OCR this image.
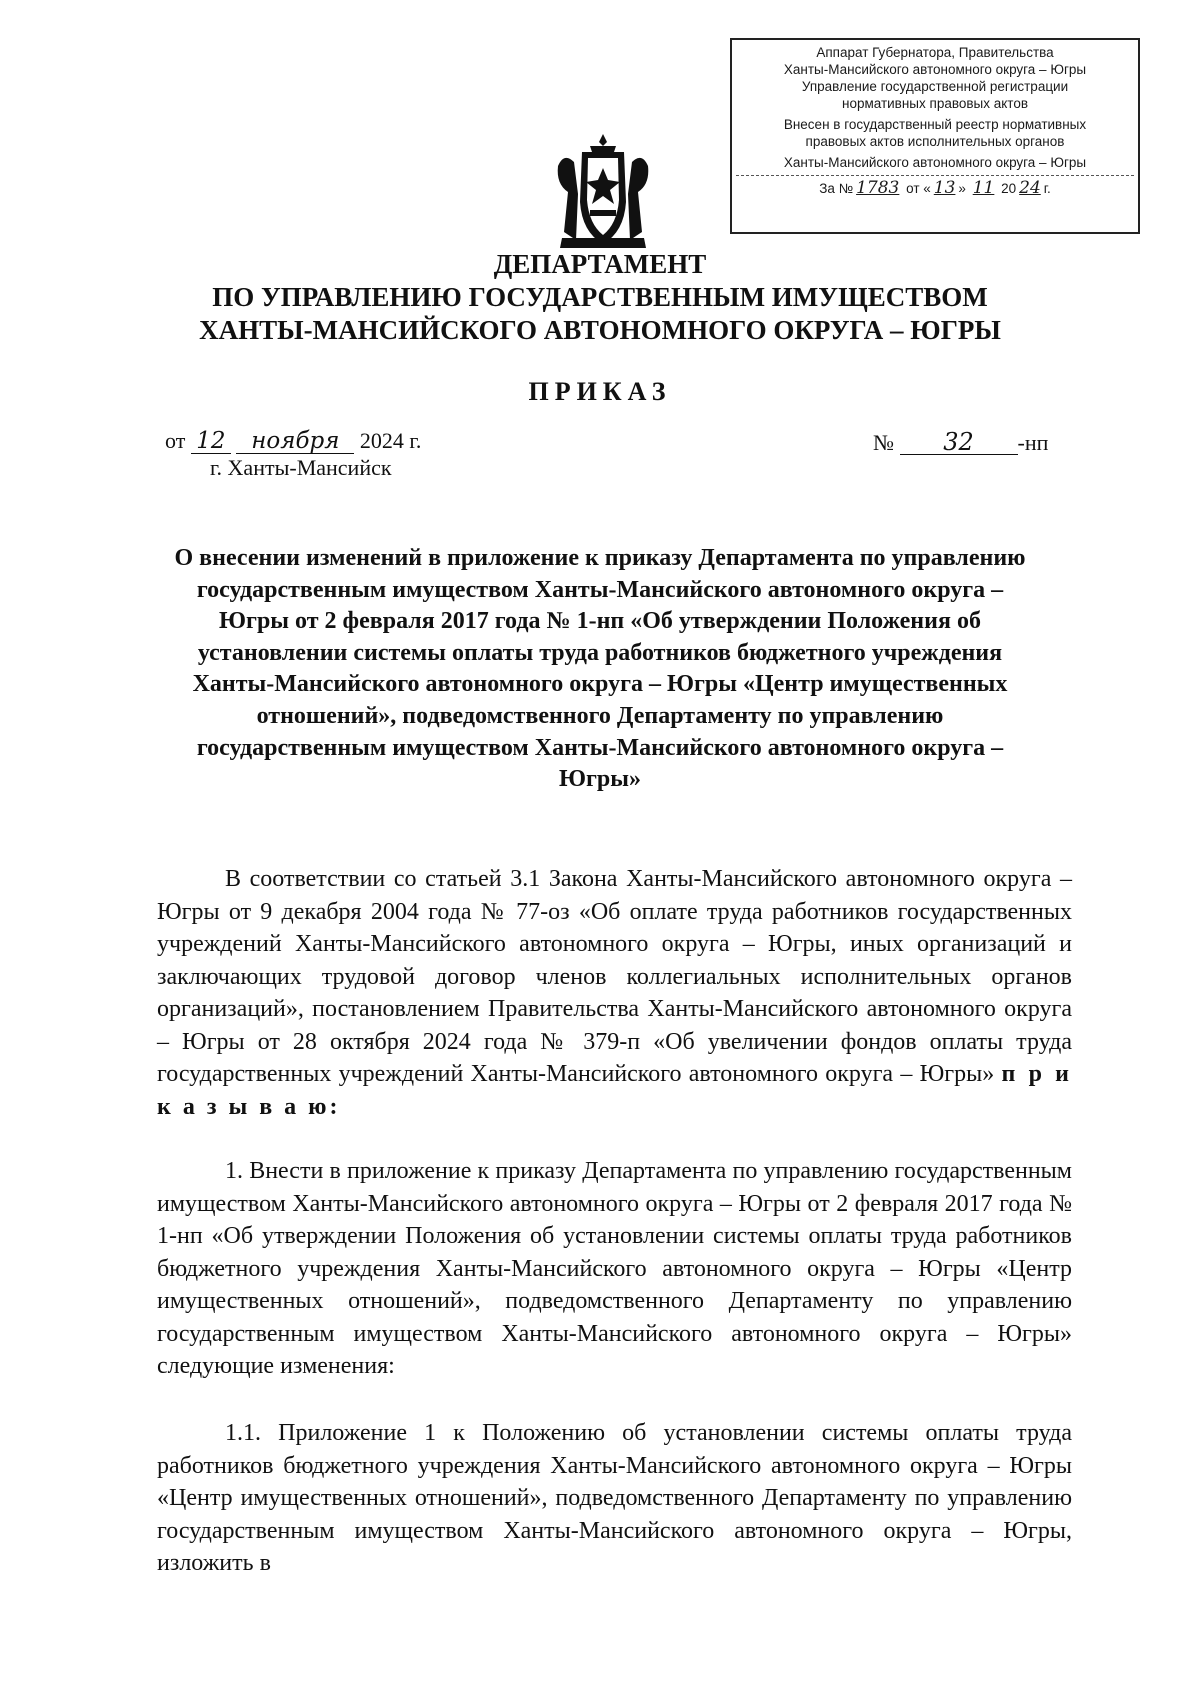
Аппарат Губернатора, Правительства
Ханты-Мансийского автономного округа – Югры
Управление государственной регистрации
нормативных правовых актов
Внесен в государственный реестр нормативных
правовых актов исполнительных органов
Ханты-Мансийского автономного округа – Югры
За № 1783 от « 13 » 11 20 24 г.
ДЕПАРТАМЕНТ
ПО УПРАВЛЕНИЮ ГОСУДАРСТВЕННЫМ ИМУЩЕСТВОМ
ХАНТЫ-МАНСИЙСКОГО АВТОНОМНОГО ОКРУГА – ЮГРЫ
ПРИКАЗ
от 12 ноября 2024 г.
г. Ханты-Мансийск
№ 32 -нп
О внесении изменений в приложение к приказу Департамента по управлению государственным имуществом Ханты-Мансийского автономного округа – Югры от 2 февраля 2017 года № 1-нп «Об утверждении Положения об установлении системы оплаты труда работников бюджетного учреждения Ханты-Мансийского автономного округа – Югры «Центр имущественных отношений», подведомственного Департаменту по управлению государственным имуществом Ханты-Мансийского автономного округа – Югры»

В соответствии со статьей 3.1 Закона Ханты-Мансийского автономного округа – Югры от 9 декабря 2004 года № 77-оз «Об оплате труда работников государственных учреждений Ханты-Мансийского автономного округа – Югры, иных организаций и заключающих трудовой договор членов коллегиальных исполнительных органов организаций», постановлением Правительства Ханты-Мансийского автономного округа – Югры от 28 октября 2024 года № 379-п «Об увеличении фондов оплаты труда государственных учреждений Ханты-Мансийского автономного округа – Югры» п р и к а з ы в а ю:

1. Внести в приложение к приказу Департамента по управлению государственным имуществом Ханты-Мансийского автономного округа – Югры от 2 февраля 2017 года № 1-нп «Об утверждении Положения об установлении системы оплаты труда работников бюджетного учреждения Ханты-Мансийского автономного округа – Югры «Центр имущественных отношений», подведомственного Департаменту по управлению государственным имуществом Ханты-Мансийского автономного округа – Югры» следующие изменения:

1.1. Приложение 1 к Положению об установлении системы оплаты труда работников бюджетного учреждения Ханты-Мансийского автономного округа – Югры «Центр имущественных отношений», подведомственного Департаменту по управлению государственным имуществом Ханты-Мансийского автономного округа – Югры, изложить в
